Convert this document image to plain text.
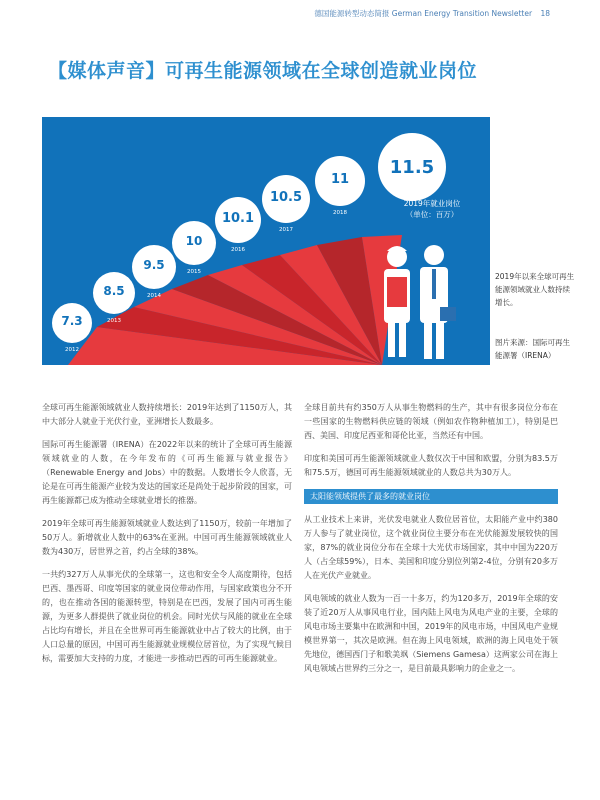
德国能源转型动态简报 German Energy Transition Newsletter 18
【媒体声音】可再生能源领域在全球创造就业岗位
7.3
2012
8.5
2013
9.5
2014
10
2015
10.1
2016
10.5
2017
11
2018
11.5
2019年就业岗位
（单位：百万）
2019年以来全球可再生能源领域就业人数持续增长。
图片来源：国际可再生能源署（IRENA）

全球可再生能源领域就业人数持续增长：2019年达到了1150万人，其中大部分人就业于光伏行业，亚洲增长人数最多。

国际可再生能源署（IRENA）在2022年以来的统计了全球可再生能源领域就业的人数，在今年发布的《可再生能源与就业报告》（Renewable Energy and Jobs）中的数据。人数增长令人欣喜，无论是在可再生能源产业较为发达的国家还是尚处于起步阶段的国家，可再生能源都已成为推动全球就业增长的推器。

2019年全球可再生能源领域就业人数达到了1150万，较前一年增加了50万人。新增就业人数中的63%在亚洲。中国可再生能源领域就业人数为430万，居世界之首，约占全球的38%。

一共约327万人从事光伏的全球第一，这也和安全令人高度期待，包括巴西、墨西哥、印度等国家的就业岗位带动作用，与国家政策也分不开的，也在推动各国的能源转型，特别是在巴西，发展了国内可再生能源，为更多人群提供了就业岗位的机会。同时光伏与风能的就业在全球占比均有增长，并且在全世界可再生能源就业中占了较大的比例，由于人口总量的原因，中国可再生能源就业规模位居首位，为了实现气候目标，需要加大支持的力度，才能进一步推动巴西的可再生能源就业。

全球目前共有约350万人从事生物燃料的生产，其中有很多岗位分布在一些国家的生物燃料供应链的领域（例如农作物种植加工），特别是巴西、美国、印度尼西亚和哥伦比亚，当然还有中国。

印度和美国可再生能源领域就业人数仅次于中国和欧盟，分别为83.5万和75.5万，德国可再生能源领域就业的人数总共为30万人。

太阳能领域提供了最多的就业岗位

从工业技术上来讲，光伏发电就业人数位居首位，太阳能产业中约380万人参与了就业岗位，这个就业岗位主要分布在光伏能源发展较快的国家，87%的就业岗位分布在全球十大光伏市场国家，其中中国为220万人（占全球59%），日本、美国和印度分别位列第2-4位，分别有20多万人在光伏产业就业。

风电领域的就业人数为一百一十多万，约为120多万，2019年全球的安装了近20万人从事风电行业，国内陆上风电为风电产业的主要，全球的风电市场主要集中在欧洲和中国，2019年的风电市场，中国风电产业规模世界第一，其次是欧洲。但在海上风电领域，欧洲的海上风电处于领先地位，德国西门子和歌美飒（Siemens Gamesa）这两家公司在海上风电领域占世界约三分之一，是目前最具影响力的企业之一。
